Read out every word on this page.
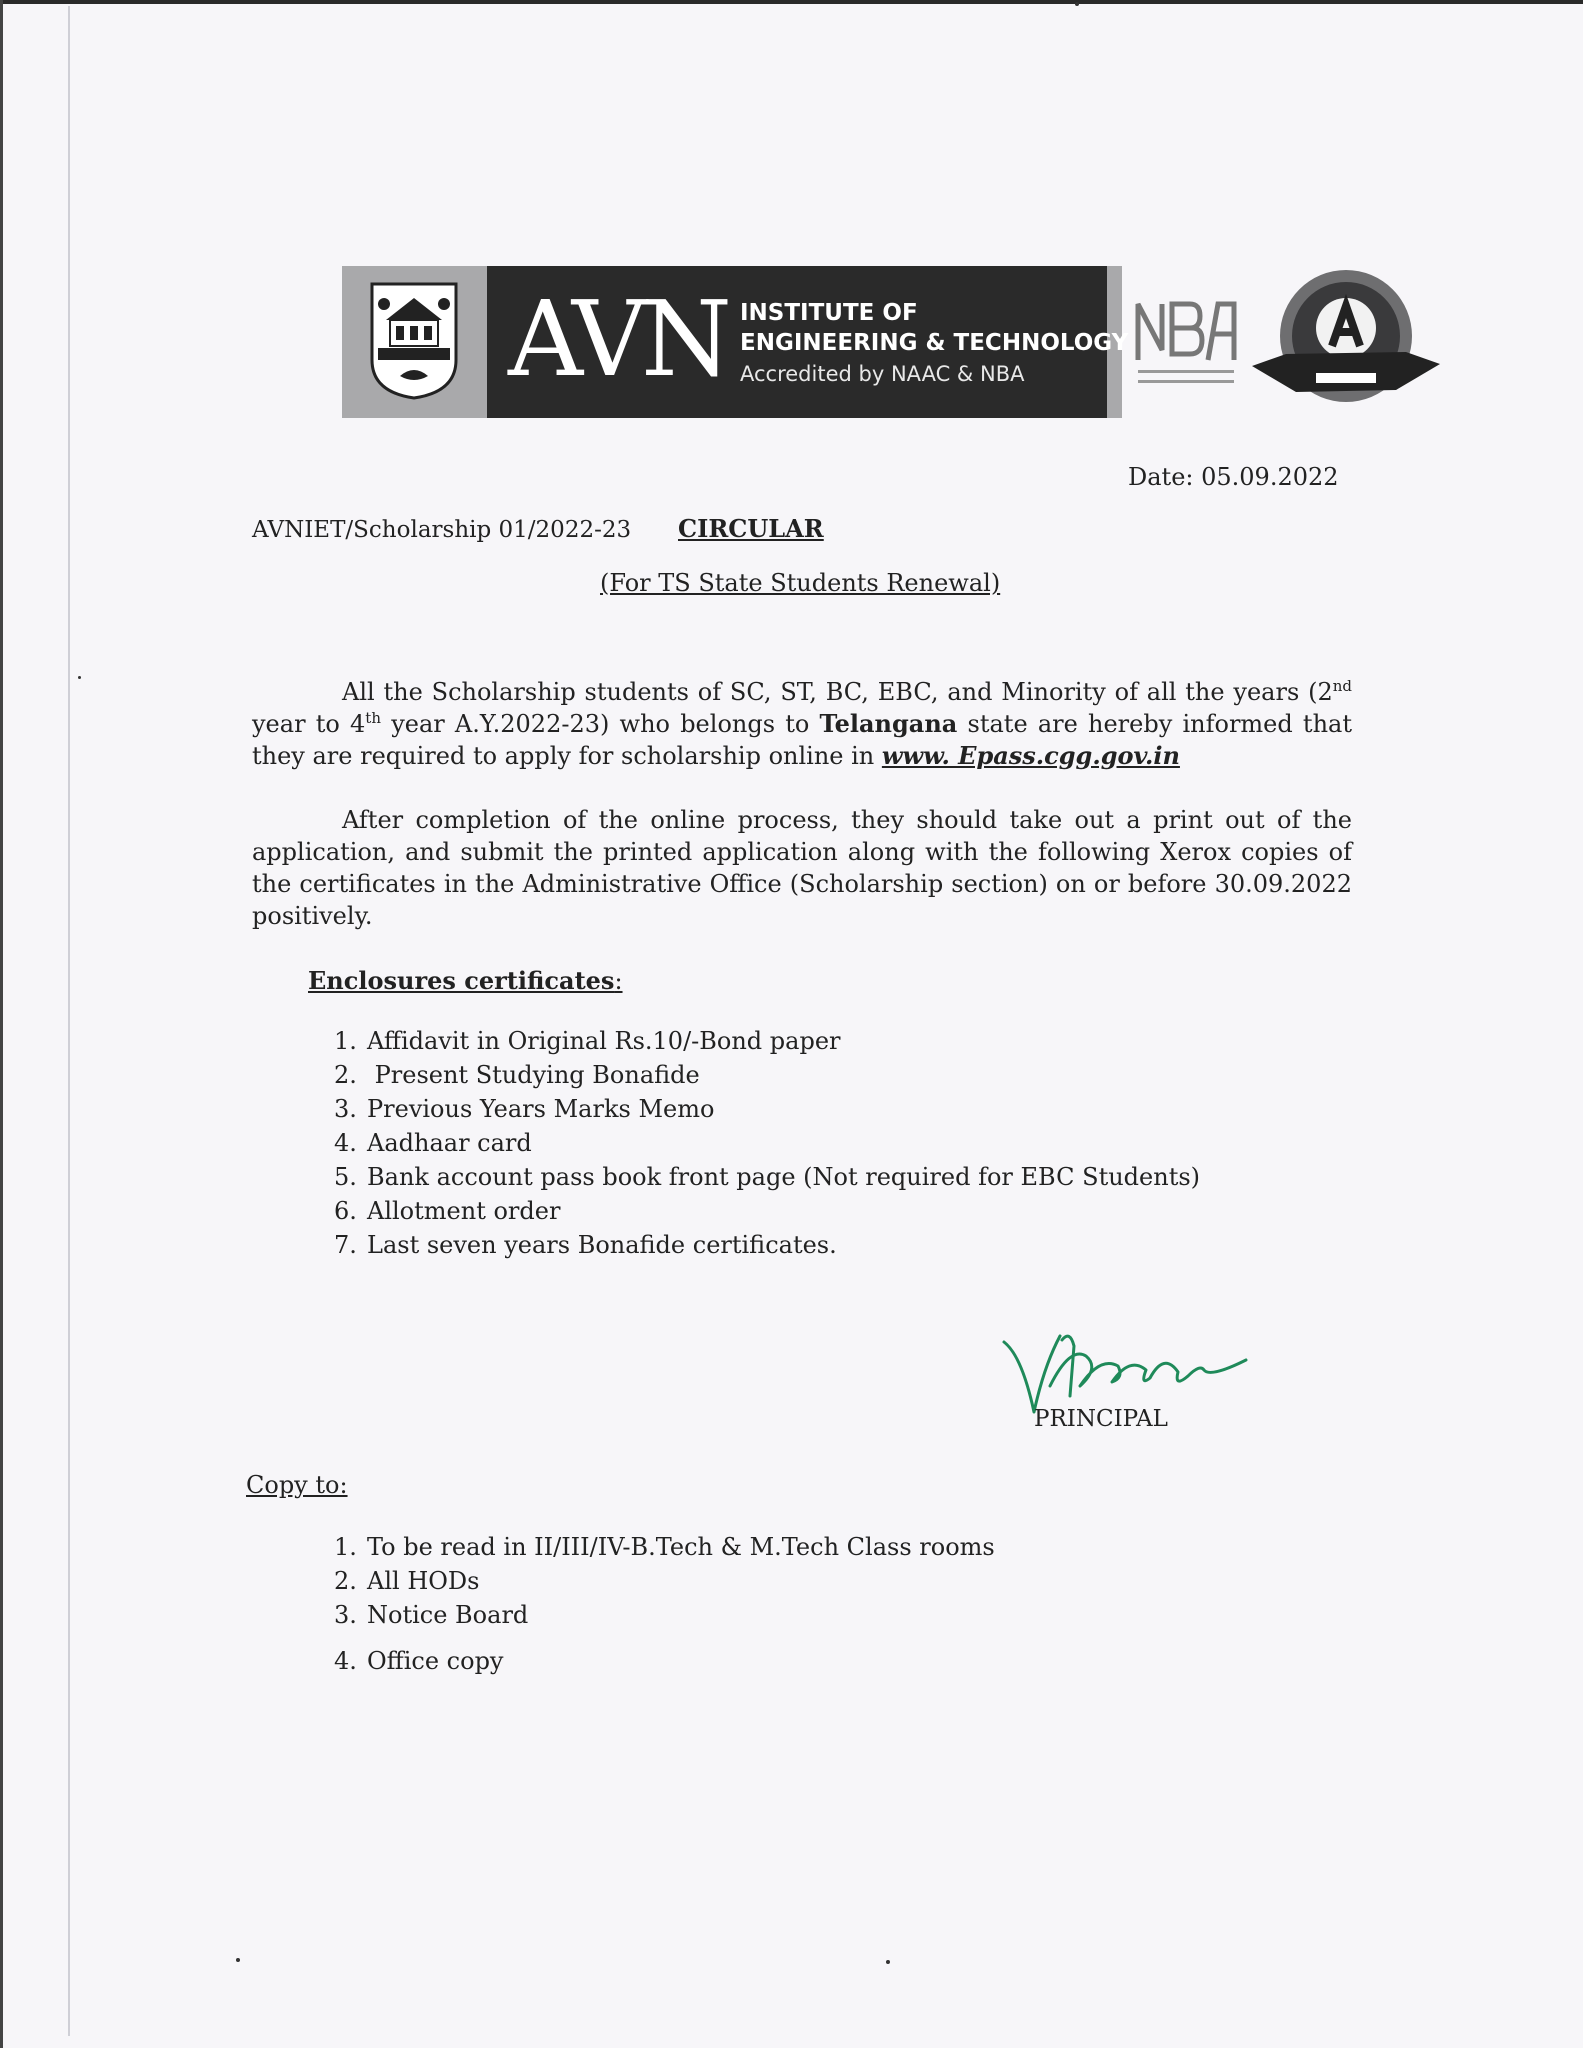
AVN INSTITUTE OF
ENGINEERING & TECHNOLOGY
Accredited by NAAC & NBA
Date: 05.09.2022
AVNIET/Scholarship 01/2022-23 CIRCULAR
(For TS State Students Renewal)
All the Scholarship students of SC, ST, BC, EBC, and Minority of all the years (2nd year to 4th year A.Y.2022-23) who belongs to Telangana state are hereby informed that they are required to apply for scholarship online in www. Epass.cgg.gov.in
After completion of the online process, they should take out a print out of the application, and submit the printed application along with the following Xerox copies of the certificates in the Administrative Office (Scholarship section) on or before 30.09.2022 positively.
Enclosures certificates:
1. Affidavit in Original Rs.10/-Bond paper
2. Present Studying Bonafide
3. Previous Years Marks Memo
4. Aadhaar card
5. Bank account pass book front page (Not required for EBC Students)
6. Allotment order
7. Last seven years Bonafide certificates.
PRINCIPAL
Copy to:
1. To be read in II/III/IV-B.Tech & M.Tech Class rooms
2. All HODs
3. Notice Board
4. Office copy
